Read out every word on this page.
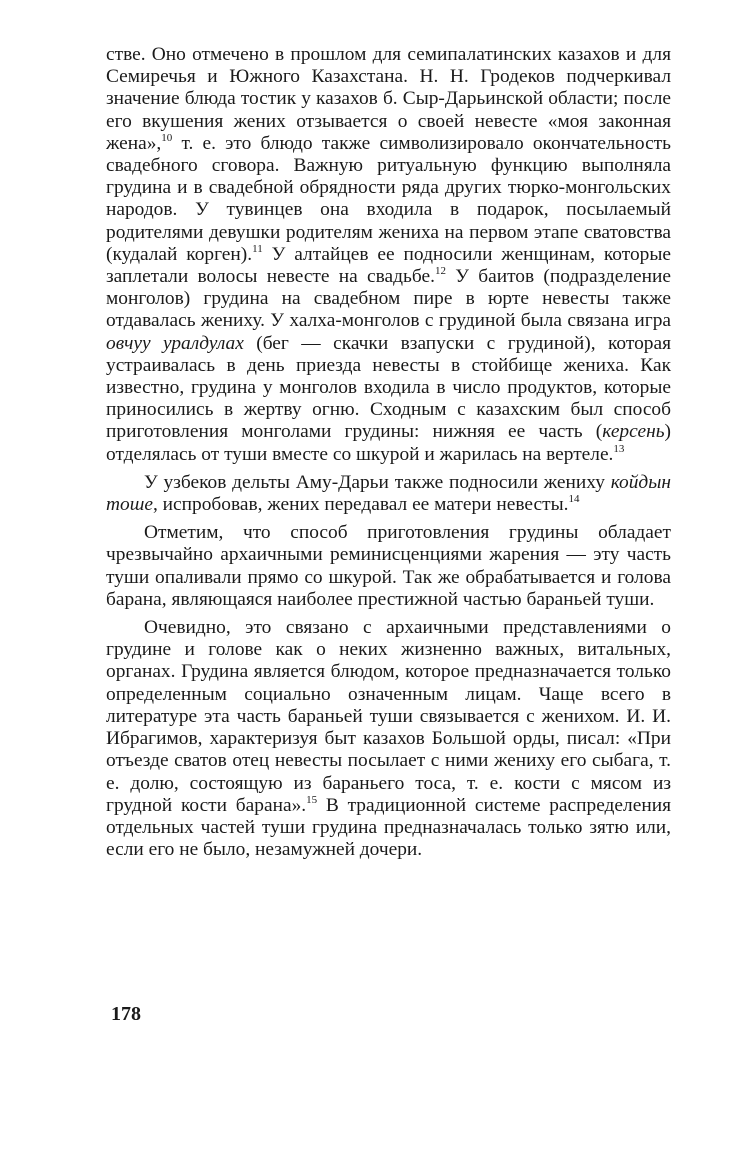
стве. Оно отмечено в прошлом для семипалатинских казахов и для Семиречья и Южного Казахстана. Н. Н. Гродеков подчеркивал значение блюда тостик у казахов б. Сыр-Дарьинской области; после его вкушения жених отзывается о своей невесте «моя законная жена»,$^{10}$ т. е. это блюдо также символизировало окончательность свадебного сговора. Важную ритуальную функцию выполняла грудина и в свадебной обрядности ряда других тюрко-монгольских народов. У тувинцев она входила в подарок, посылаемый родителями девушки родителям жениха на первом этапе сватовства (кудалай корген).$^{11}$ У алтайцев ее подносили женщинам, которые заплетали волосы невесте на свадьбе.$^{12}$ У баитов (подразделение монголов) грудина на свадебном пире в юрте невесты также отдавалась жениху. У халха-монголов с грудиной была связана игра овчуу уралдулах (бег — скачки взапуски с грудиной), которая устраивалась в день приезда невесты в стойбище жениха. Как известно, грудина у монголов входила в число продуктов, которые приносились в жертву огню. Сходным с казахским был способ приготовления монголами грудины: нижняя ее часть (керсень) отделялась от туши вместе со шкурой и жарилась на вертеле.$^{13}$

У узбеков дельты Аму-Дарьи также подносили жениху койдын тоше, испробовав, жених передавал ее матери невесты.$^{14}$

Отметим, что способ приготовления грудины обладает чрезвычайно архаичными реминисценциями жарения — эту часть туши опаливали прямо со шкурой. Так же обрабатывается и голова барана, являющаяся наиболее престижной частью бараньей туши.

Очевидно, это связано с архаичными представлениями о грудине и голове как о неких жизненно важных, витальных, органах. Грудина является блюдом, которое предназначается только определенным социально означенным лицам. Чаще всего в литературе эта часть бараньей туши связывается с женихом. И. И. Ибрагимов, характеризуя быт казахов Большой орды, писал: «При отъезде сватов отец невесты посылает с ними жениху его сыбага, т. е. долю, состоящую из бараньего тоса, т. е. кости с мясом из грудной кости барана».$^{15}$ В традиционной системе распределения отдельных частей туши грудина предназначалась только зятю или, если его не было, незамужней дочери.

178
